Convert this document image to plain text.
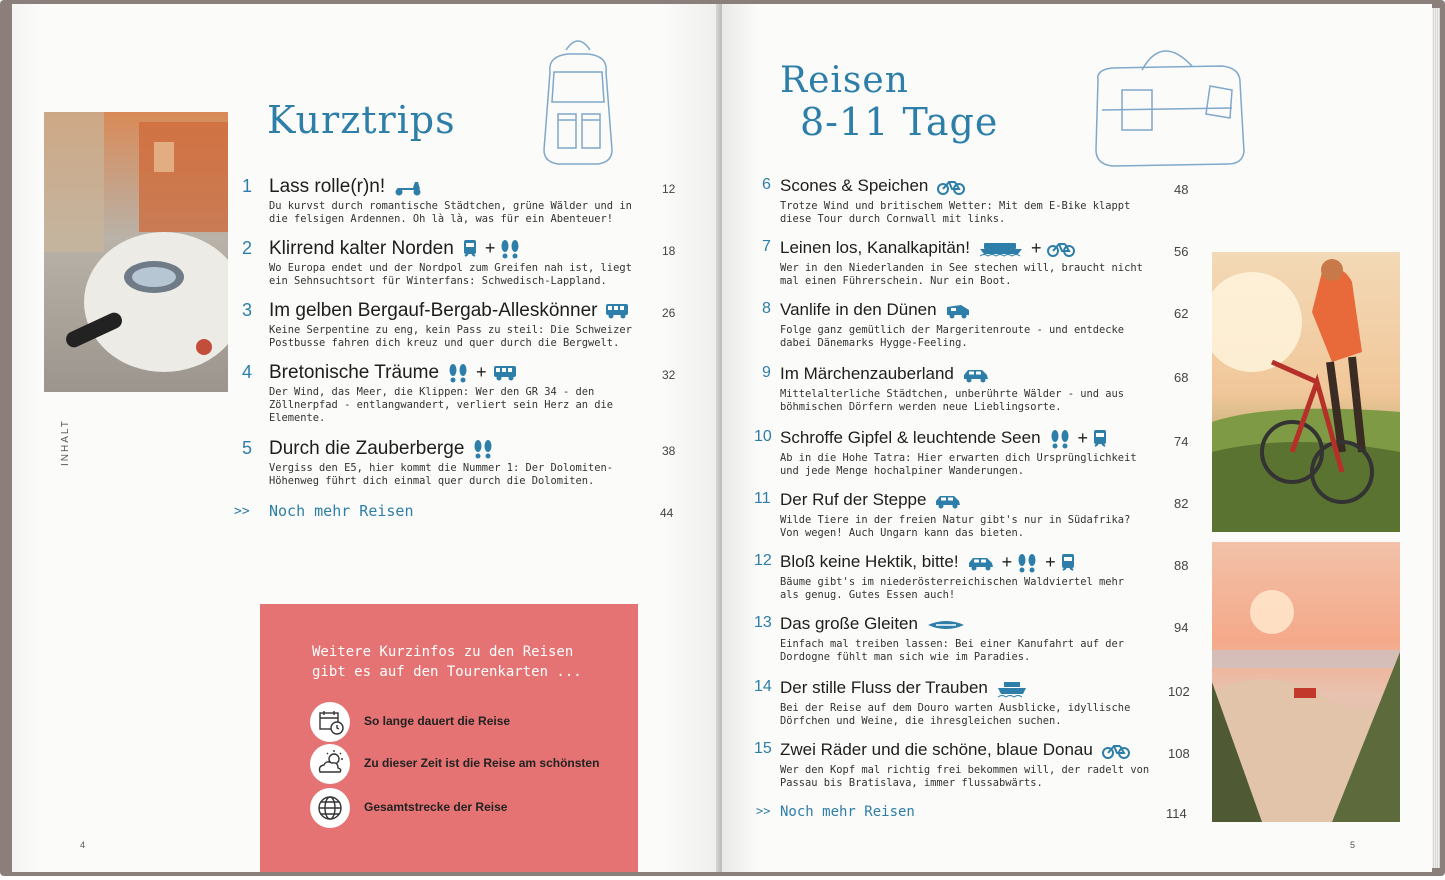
Kurztrips
INHALT
1 Lass rolle(r)n!
Du kurvst durch romantische Städtchen, grüne Wälder und in die felsigen Ardennen. Oh là là, was für ein Abenteuer!
12
2 Klirrend kalter Norden +
Wo Europa endet und der Nordpol zum Greifen nah ist, liegt ein Sehnsuchtsort für Winterfans: Schwedisch-Lappland.
18
3 Im gelben Bergauf-Bergab-Alleskönner
Keine Serpentine zu eng, kein Pass zu steil: Die Schweizer Postbusse fahren dich kreuz und quer durch die Bergwelt.
26
4 Bretonische Träume +
Der Wind, das Meer, die Klippen: Wer den GR 34 - den Zöllnerpfad - entlangwandert, verliert sein Herz an die Elemente.
32
5 Durch die Zauberberge
Vergiss den E5, hier kommt die Nummer 1: Der Dolomiten-Höhenweg führt dich einmal quer durch die Dolomiten.
38
>> Noch mehr Reisen	44
Weitere Kurzinfos zu den Reisen gibt es auf den Tourenkarten ...
So lange dauert die Reise
Zu dieser Zeit ist die Reise am schönsten
Gesamtstrecke der Reise
4
Reisen
8-11 Tage
6 Scones & Speichen
Trotze Wind und britischem Wetter: Mit dem E-Bike klappt diese Tour durch Cornwall mit links.
48
7 Leinen los, Kanalkapitän!	+
Wer in den Niederlanden in See stechen will, braucht nicht mal einen Führerschein. Nur ein Boot.
56
8 Vanlife in den Dünen
Folge ganz gemütlich der Margeritenroute - und entdecke dabei Dänemarks Hygge-Feeling.
62
9 Im Märchenzauberland
Mittelalterliche Städtchen, unberührte Wälder - und aus böhmischen Dörfern werden neue Lieblingsorte.
68
10 Schroffe Gipfel & leuchtende Seen +
Ab in die Hohe Tatra: Hier erwarten dich Ursprünglichkeit und jede Menge hochalpiner Wanderungen.
74
11 Der Ruf der Steppe
Wilde Tiere in der freien Natur gibt's nur in Südafrika? Von wegen! Auch Ungarn kann das bieten.
82
12 Bloß keine Hektik, bitte! + +
Bäume gibt's im niederösterreichischen Waldviertel mehr als genug. Gutes Essen auch!
88
13 Das große Gleiten
Einfach mal treiben lassen: Bei einer Kanufahrt auf der Dordogne fühlt man sich wie im Paradies.
94
14 Der stille Fluss der Trauben
Bei der Reise auf dem Douro warten Ausblicke, idyllische Dörfchen und Weine, die ihresgleichen suchen.
102
15 Zwei Räder und die schöne, blaue Donau
Wer den Kopf mal richtig frei bekommen will, der radelt von Passau bis Bratislava, immer flussabwärts.
108
>> Noch mehr Reisen	114
5
